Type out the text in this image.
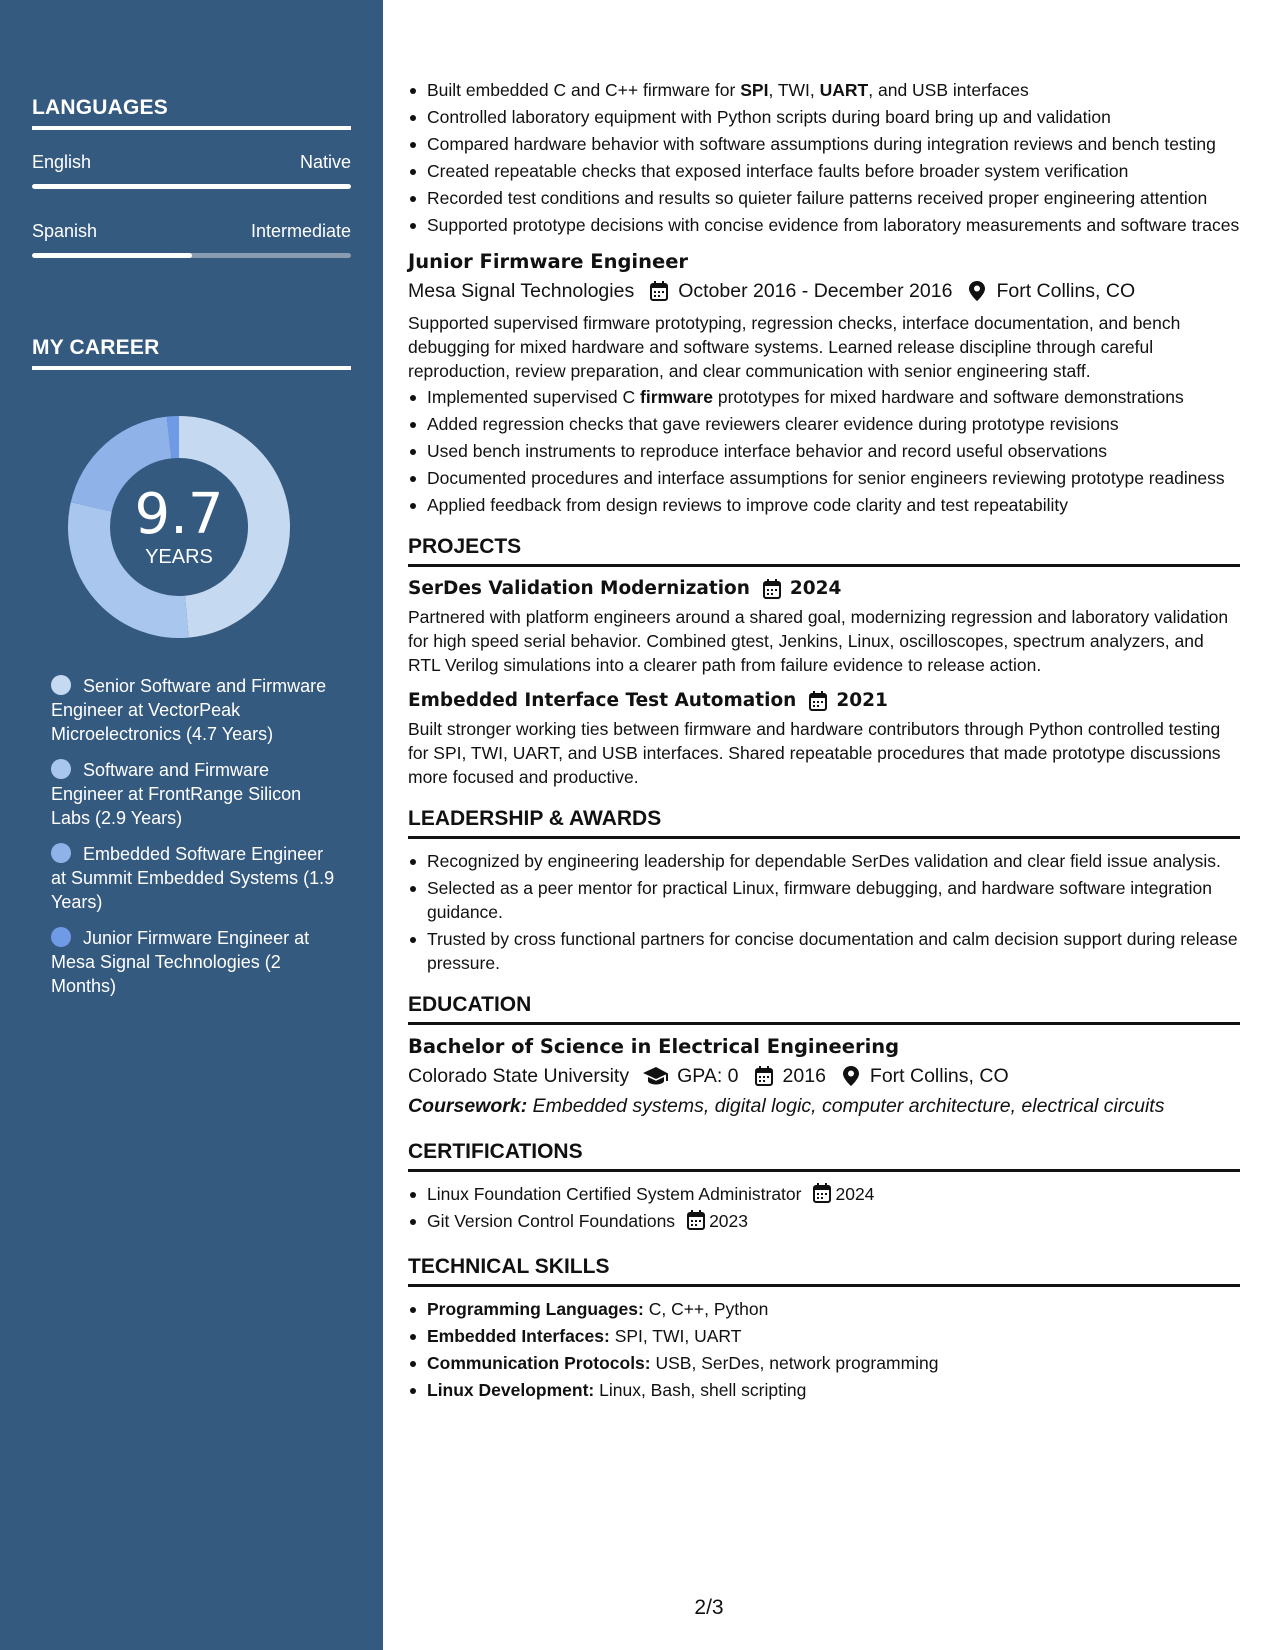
LANGUAGES
English	Native
Spanish	Intermediate
MY CAREER
9.7
YEARS
Senior Software and Firmware Engineer at VectorPeak Microelectronics (4.7 Years)
Software and Firmware Engineer at FrontRange Silicon Labs (2.9 Years)
Embedded Software Engineer at Summit Embedded Systems (1.9 Years)
Junior Firmware Engineer at Mesa Signal Technologies (2 Months)
Built embedded C and C++ firmware for SPI, TWI, UART, and USB interfaces
Controlled laboratory equipment with Python scripts during board bring up and validation
Compared hardware behavior with software assumptions during integration reviews and bench testing
Created repeatable checks that exposed interface faults before broader system verification
Recorded test conditions and results so quieter failure patterns received proper engineering attention
Supported prototype decisions with concise evidence from laboratory measurements and software traces
Junior Firmware Engineer
Mesa Signal Technologies October 2016 - December 2016 Fort Collins, CO
Supported supervised firmware prototyping, regression checks, interface documentation, and bench debugging for mixed hardware and software systems. Learned release discipline through careful reproduction, review preparation, and clear communication with senior engineering staff.
Implemented supervised C firmware prototypes for mixed hardware and software demonstrations
Added regression checks that gave reviewers clearer evidence during prototype revisions
Used bench instruments to reproduce interface behavior and record useful observations
Documented procedures and interface assumptions for senior engineers reviewing prototype readiness
Applied feedback from design reviews to improve code clarity and test repeatability
PROJECTS
SerDes Validation Modernization 2024
Partnered with platform engineers around a shared goal, modernizing regression and laboratory validation for high speed serial behavior. Combined gtest, Jenkins, Linux, oscilloscopes, spectrum analyzers, and RTL Verilog simulations into a clearer path from failure evidence to release action.
Embedded Interface Test Automation 2021
Built stronger working ties between firmware and hardware contributors through Python controlled testing for SPI, TWI, UART, and USB interfaces. Shared repeatable procedures that made prototype discussions more focused and productive.
LEADERSHIP & AWARDS
Recognized by engineering leadership for dependable SerDes validation and clear field issue analysis.
Selected as a peer mentor for practical Linux, firmware debugging, and hardware software integration guidance.
Trusted by cross functional partners for concise documentation and calm decision support during release pressure.
EDUCATION
Bachelor of Science in Electrical Engineering
Colorado State University GPA: 0 2016 Fort Collins, CO
Coursework: Embedded systems, digital logic, computer architecture, electrical circuits
CERTIFICATIONS
Linux Foundation Certified System Administrator 2024
Git Version Control Foundations 2023
TECHNICAL SKILLS
Programming Languages: C, C++, Python
Embedded Interfaces: SPI, TWI, UART
Communication Protocols: USB, SerDes, network programming
Linux Development: Linux, Bash, shell scripting
2/3
